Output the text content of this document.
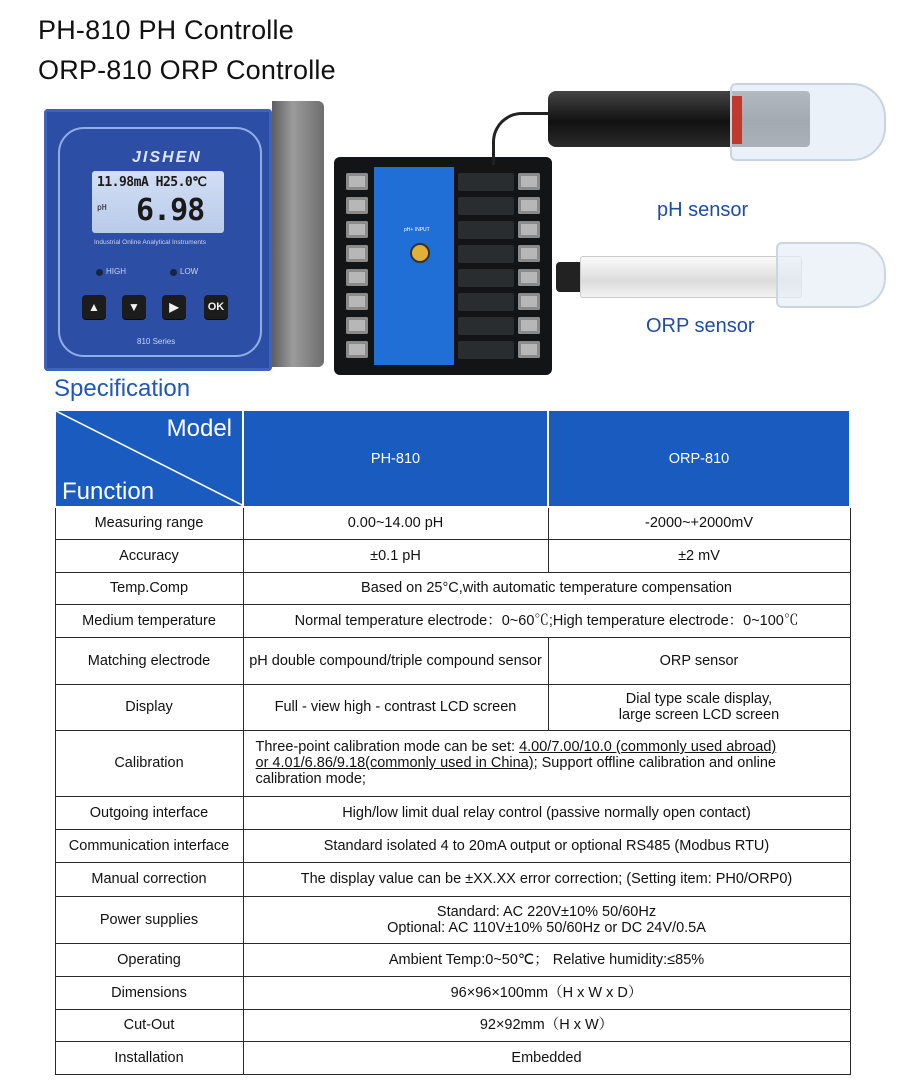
PH-810 PH Controlle
ORP-810 ORP Controlle
JISHEN
11.98mA H25.0℃
pH 6.98
Industrial Online Analytical Instruments
HIGH	LOW
▲	▼	▶	OK
810 Series
pH+ INPUT
pH sensor
ORP sensor
Specification
Model
Function	PH-810	ORP-810
Measuring range	0.00~14.00 pH	-2000~+2000mV
Accuracy	±0.1 pH	±2 mV
Temp.Comp	Based on 25°C,with automatic temperature compensation	
Medium temperature	Normal temperature electrode：0~60℃;High temperature electrode：0~100℃	
Matching electrode	pH double compound/triple compound sensor	ORP sensor
Display	Full - view high - contrast LCD screen	Dial type scale display,
large screen LCD screen
Calibration	Three-point calibration mode can be set: 4.00/7.00/10.0 (commonly used abroad)
or 4.01/6.86/9.18(commonly used in China); Support offline calibration and online calibration mode;	
Outgoing interface	High/low limit dual relay control (passive normally open contact)	
Communication interface	Standard isolated 4 to 20mA output or optional RS485 (Modbus RTU)	
Manual correction	The display value can be ±XX.XX error correction; (Setting item: PH0/ORP0)	
Power supplies	Standard: AC 220V±10% 50/60Hz
Optional: AC 110V±10% 50/60Hz or DC 24V/0.5A	
Operating	Ambient Temp:0~50℃； Relative humidity:≤85%	
Dimensions	96×96×100mm（H x W x D）	
Cut-Out	92×92mm（H x W）	
Installation	Embedded	
